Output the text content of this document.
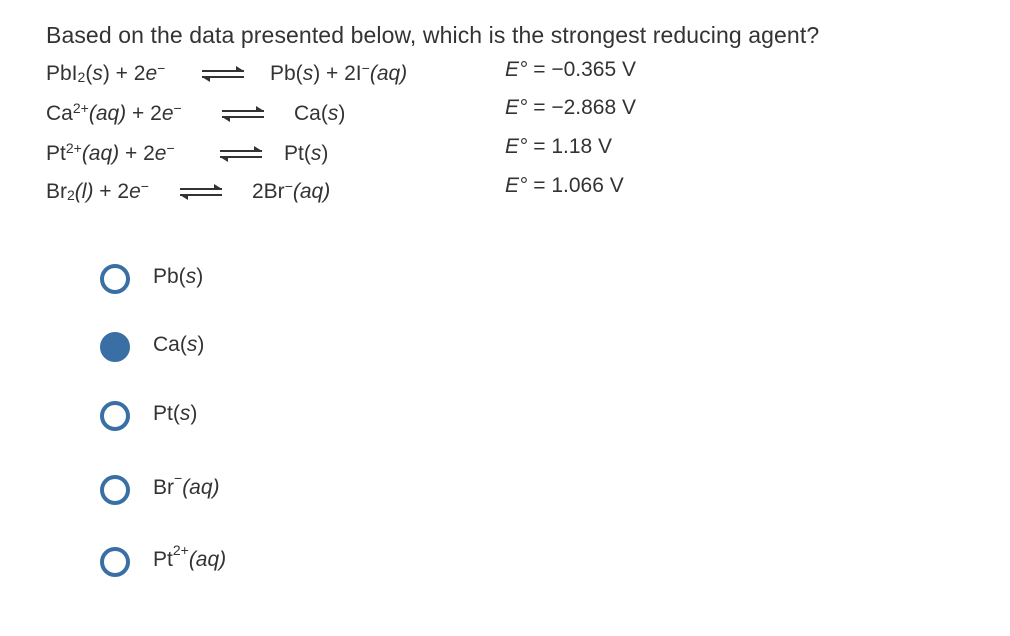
Based on the data presented below, which is the strongest reducing agent?
PbI$_2$(s) + 2e− ⇌ Pb(s) + 2I−(aq)	E° = −0.365 V
$Ca^{2+}(aq) + 2e^-$ ⇌ Ca(s)	E° = −2.868 V
$Pt^{2+}(aq) + 2e^-$ ⇌ Pt(s)	E° = 1.18 V
$Br_2(l) + 2e^-$ ⇌ 2Br−(aq)	E° = 1.066 V
Pb(s)
Ca(s)
Pt(s)
Br−(aq)
$Pt^{2+}(aq)$
